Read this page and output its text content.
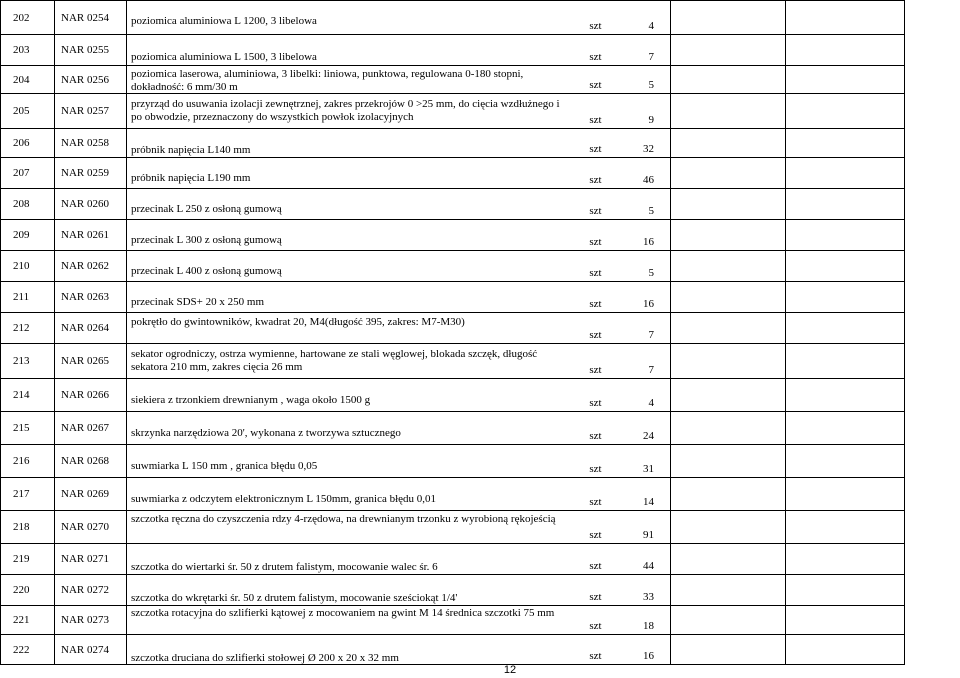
202	NAR 0254	poziomica aluminiowa L 1200, 3 libelowa	szt	4		
203	NAR 0255	poziomica aluminiowa L 1500, 3 libelowa	szt	7		
204	NAR 0256	poziomica laserowa, aluminiowa, 3 libelki: liniowa, punktowa, regulowana 0-180 stopni, dokładność: 6 mm/30 m	szt	5		
205	NAR 0257	przyrząd do usuwania izolacji zewnętrznej, zakres przekrojów 0 >25 mm, do cięcia wzdłużnego i po obwodzie, przeznaczony do wszystkich powłok izolacyjnych	szt	9		
206	NAR 0258	próbnik napięcia L140 mm	szt	32		
207	NAR 0259	próbnik napięcia L190 mm	szt	46		
208	NAR 0260	przecinak L 250 z osłoną gumową	szt	5		
209	NAR 0261	przecinak L 300 z osłoną gumową	szt	16		
210	NAR 0262	przecinak L 400 z osłoną gumową	szt	5		
211	NAR 0263	przecinak SDS+ 20 x 250 mm	szt	16		
212	NAR 0264	pokrętło do gwintowników, kwadrat 20, M4(długość 395, zakres: M7-M30)	szt	7		
213	NAR 0265	sekator ogrodniczy, ostrza wymienne, hartowane ze stali węglowej, blokada szczęk, długość sekatora 210 mm, zakres cięcia 26 mm	szt	7		
214	NAR 0266	siekiera z trzonkiem drewnianym , waga około 1500 g	szt	4		
215	NAR 0267	skrzynka narzędziowa 20', wykonana z tworzywa sztucznego	szt	24		
216	NAR 0268	suwmiarka L 150 mm , granica błędu 0,05	szt	31		
217	NAR 0269	suwmiarka z odczytem elektronicznym L 150mm, granica błędu 0,01	szt	14		
218	NAR 0270	szczotka ręczna do czyszczenia rdzy 4-rzędowa, na drewnianym trzonku z wyrobioną rękojeścią	szt	91		
219	NAR 0271	szczotka do wiertarki śr. 50 z drutem falistym, mocowanie walec śr. 6	szt	44		
220	NAR 0272	szczotka do wkrętarki śr. 50 z drutem falistym, mocowanie sześciokąt 1/4'	szt	33		
221	NAR 0273	szczotka rotacyjna do szlifierki kątowej z mocowaniem na gwint M 14 średnica szczotki 75 mm	szt	18		
222	NAR 0274	szczotka druciana do szlifierki stołowej Ø 200 x 20 x 32 mm	szt	16		
12
